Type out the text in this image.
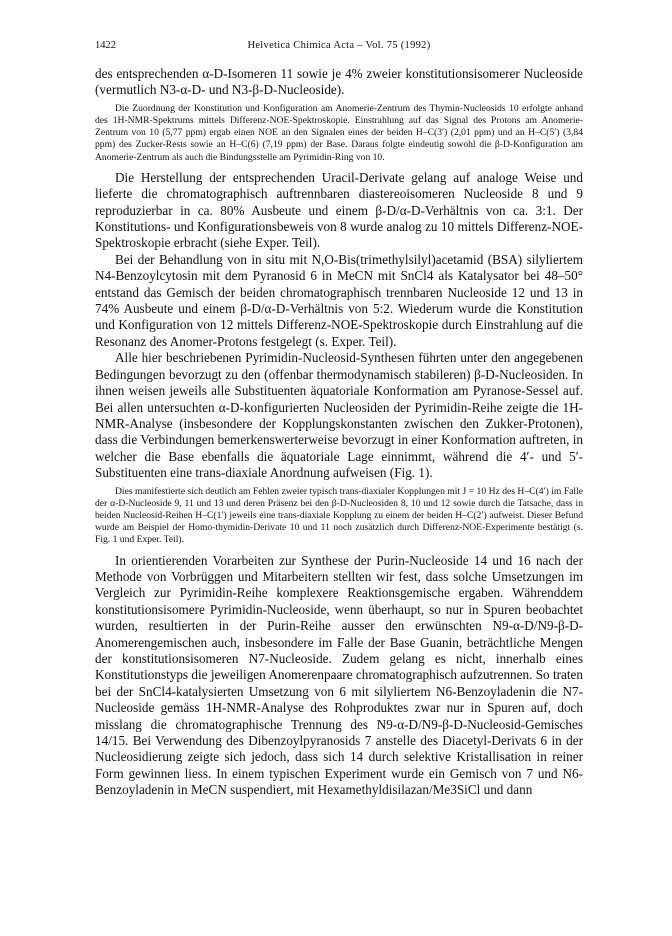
1422	Helvetica Chimica Acta – Vol. 75 (1992)

des entsprechenden α-D-Isomeren 11 sowie je 4% zweier konstitutionsisomerer Nucleoside (vermutlich N3-α-D- und N3-β-D-Nucleoside).

Die Zuordnung der Konstitution und Konfiguration am Anomerie-Zentrum des Thymin-Nucleosids 10 erfolgte anhand des 1H-NMR-Spektrums mittels Differenz-NOE-Spektroskopie. Einstrahlung auf das Signal des Protons am Anomerie-Zentrum von 10 (5,77 ppm) ergab einen NOE an den Signalen eines der beiden H–C(3′) (2,01 ppm) und an H–C(5′) (3,84 ppm) des Zucker-Rests sowie an H–C(6) (7,19 ppm) der Base. Daraus folgte eindeutig sowohl die β-D-Konfiguration am Anomerie-Zentrum als auch die Bindungsstelle am Pyrimidin-Ring von 10.

Die Herstellung der entsprechenden Uracil-Derivate gelang auf analoge Weise und lieferte die chromatographisch auftrennbaren diastereoisomeren Nucleoside 8 und 9 reproduzierbar in ca. 80% Ausbeute und einem β-D/α-D-Verhältnis von ca. 3:1. Der Konstitutions- und Konfigurationsbeweis von 8 wurde analog zu 10 mittels Differenz-NOE-Spektroskopie erbracht (siehe Exper. Teil).

Bei der Behandlung von in situ mit N,O-Bis(trimethylsilyl)acetamid (BSA) silyliertem N4-Benzoylcytosin mit dem Pyranosid 6 in MeCN mit SnCl4 als Katalysator bei 48–50° entstand das Gemisch der beiden chromatographisch trennbaren Nucleoside 12 und 13 in 74% Ausbeute und einem β-D/α-D-Verhältnis von 5:2. Wiederum wurde die Konstitution und Konfiguration von 12 mittels Differenz-NOE-Spektroskopie durch Einstrahlung auf die Resonanz des Anomer-Protons festgelegt (s. Exper. Teil).

Alle hier beschriebenen Pyrimidin-Nucleosid-Synthesen führten unter den angegebenen Bedingungen bevorzugt zu den (offenbar thermodynamisch stabileren) β-D-Nucleosiden. In ihnen weisen jeweils alle Substituenten äquatoriale Konformation am Pyranose-Sessel auf. Bei allen untersuchten α-D-konfigurierten Nucleosiden der Pyrimidin-Reihe zeigte die 1H-NMR-Analyse (insbesondere der Kopplungskonstanten zwischen den Zukker-Protonen), dass die Verbindungen bemerkenswerterweise bevorzugt in einer Konformation auftreten, in welcher die Base ebenfalls die äquatoriale Lage einnimmt, während die 4′- und 5′-Substituenten eine trans-diaxiale Anordnung aufweisen (Fig. 1).

Dies manifestierte sich deutlich am Fehlen zweier typisch trans-diaxialer Kopplungen mit J = 10 Hz des H–C(4′) im Falle der α-D-Nucleoside 9, 11 und 13 und deren Präsenz bei den β-D-Nucleosiden 8, 10 und 12 sowie durch die Tatsache, dass in beiden Nucleosid-Reihen H–C(1′) jeweils eine trans-diaxiale Kopplung zu einem der beiden H–C(2′) aufweist. Dieser Befund wurde am Beispiel der Homo-thymidin-Derivate 10 und 11 noch zusätzlich durch Differenz-NOE-Experimente bestätigt (s. Fig. 1 und Exper. Teil).

In orientierenden Vorarbeiten zur Synthese der Purin-Nucleoside 14 und 16 nach der Methode von Vorbrüggen und Mitarbeitern stellten wir fest, dass solche Umsetzungen im Vergleich zur Pyrimidin-Reihe komplexere Reaktionsgemische ergaben. Währenddem konstitutionsisomere Pyrimidin-Nucleoside, wenn überhaupt, so nur in Spuren beobachtet wurden, resultierten in der Purin-Reihe ausser den erwünschten N9-α-D/N9-β-D-Anomerengemischen auch, insbesondere im Falle der Base Guanin, beträchtliche Mengen der konstitutionsisomeren N7-Nucleoside. Zudem gelang es nicht, innerhalb eines Konstitutionstyps die jeweiligen Anomerenpaare chromatographisch aufzutrennen. So traten bei der SnCl4-katalysierten Umsetzung von 6 mit silyliertem N6-Benzoyladenin die N7-Nucleoside gemäss 1H-NMR-Analyse des Rohproduktes zwar nur in Spuren auf, doch misslang die chromatographische Trennung des N9-α-D/N9-β-D-Nucleosid-Gemisches 14/15. Bei Verwendung des Dibenzoylpyranosids 7 anstelle des Diacetyl-Derivats 6 in der Nucleosidierung zeigte sich jedoch, dass sich 14 durch selektive Kristallisation in reiner Form gewinnen liess. In einem typischen Experiment wurde ein Gemisch von 7 und N6-Benzoyladenin in MeCN suspendiert, mit Hexamethyldisilazan/Me3SiCl und dann
